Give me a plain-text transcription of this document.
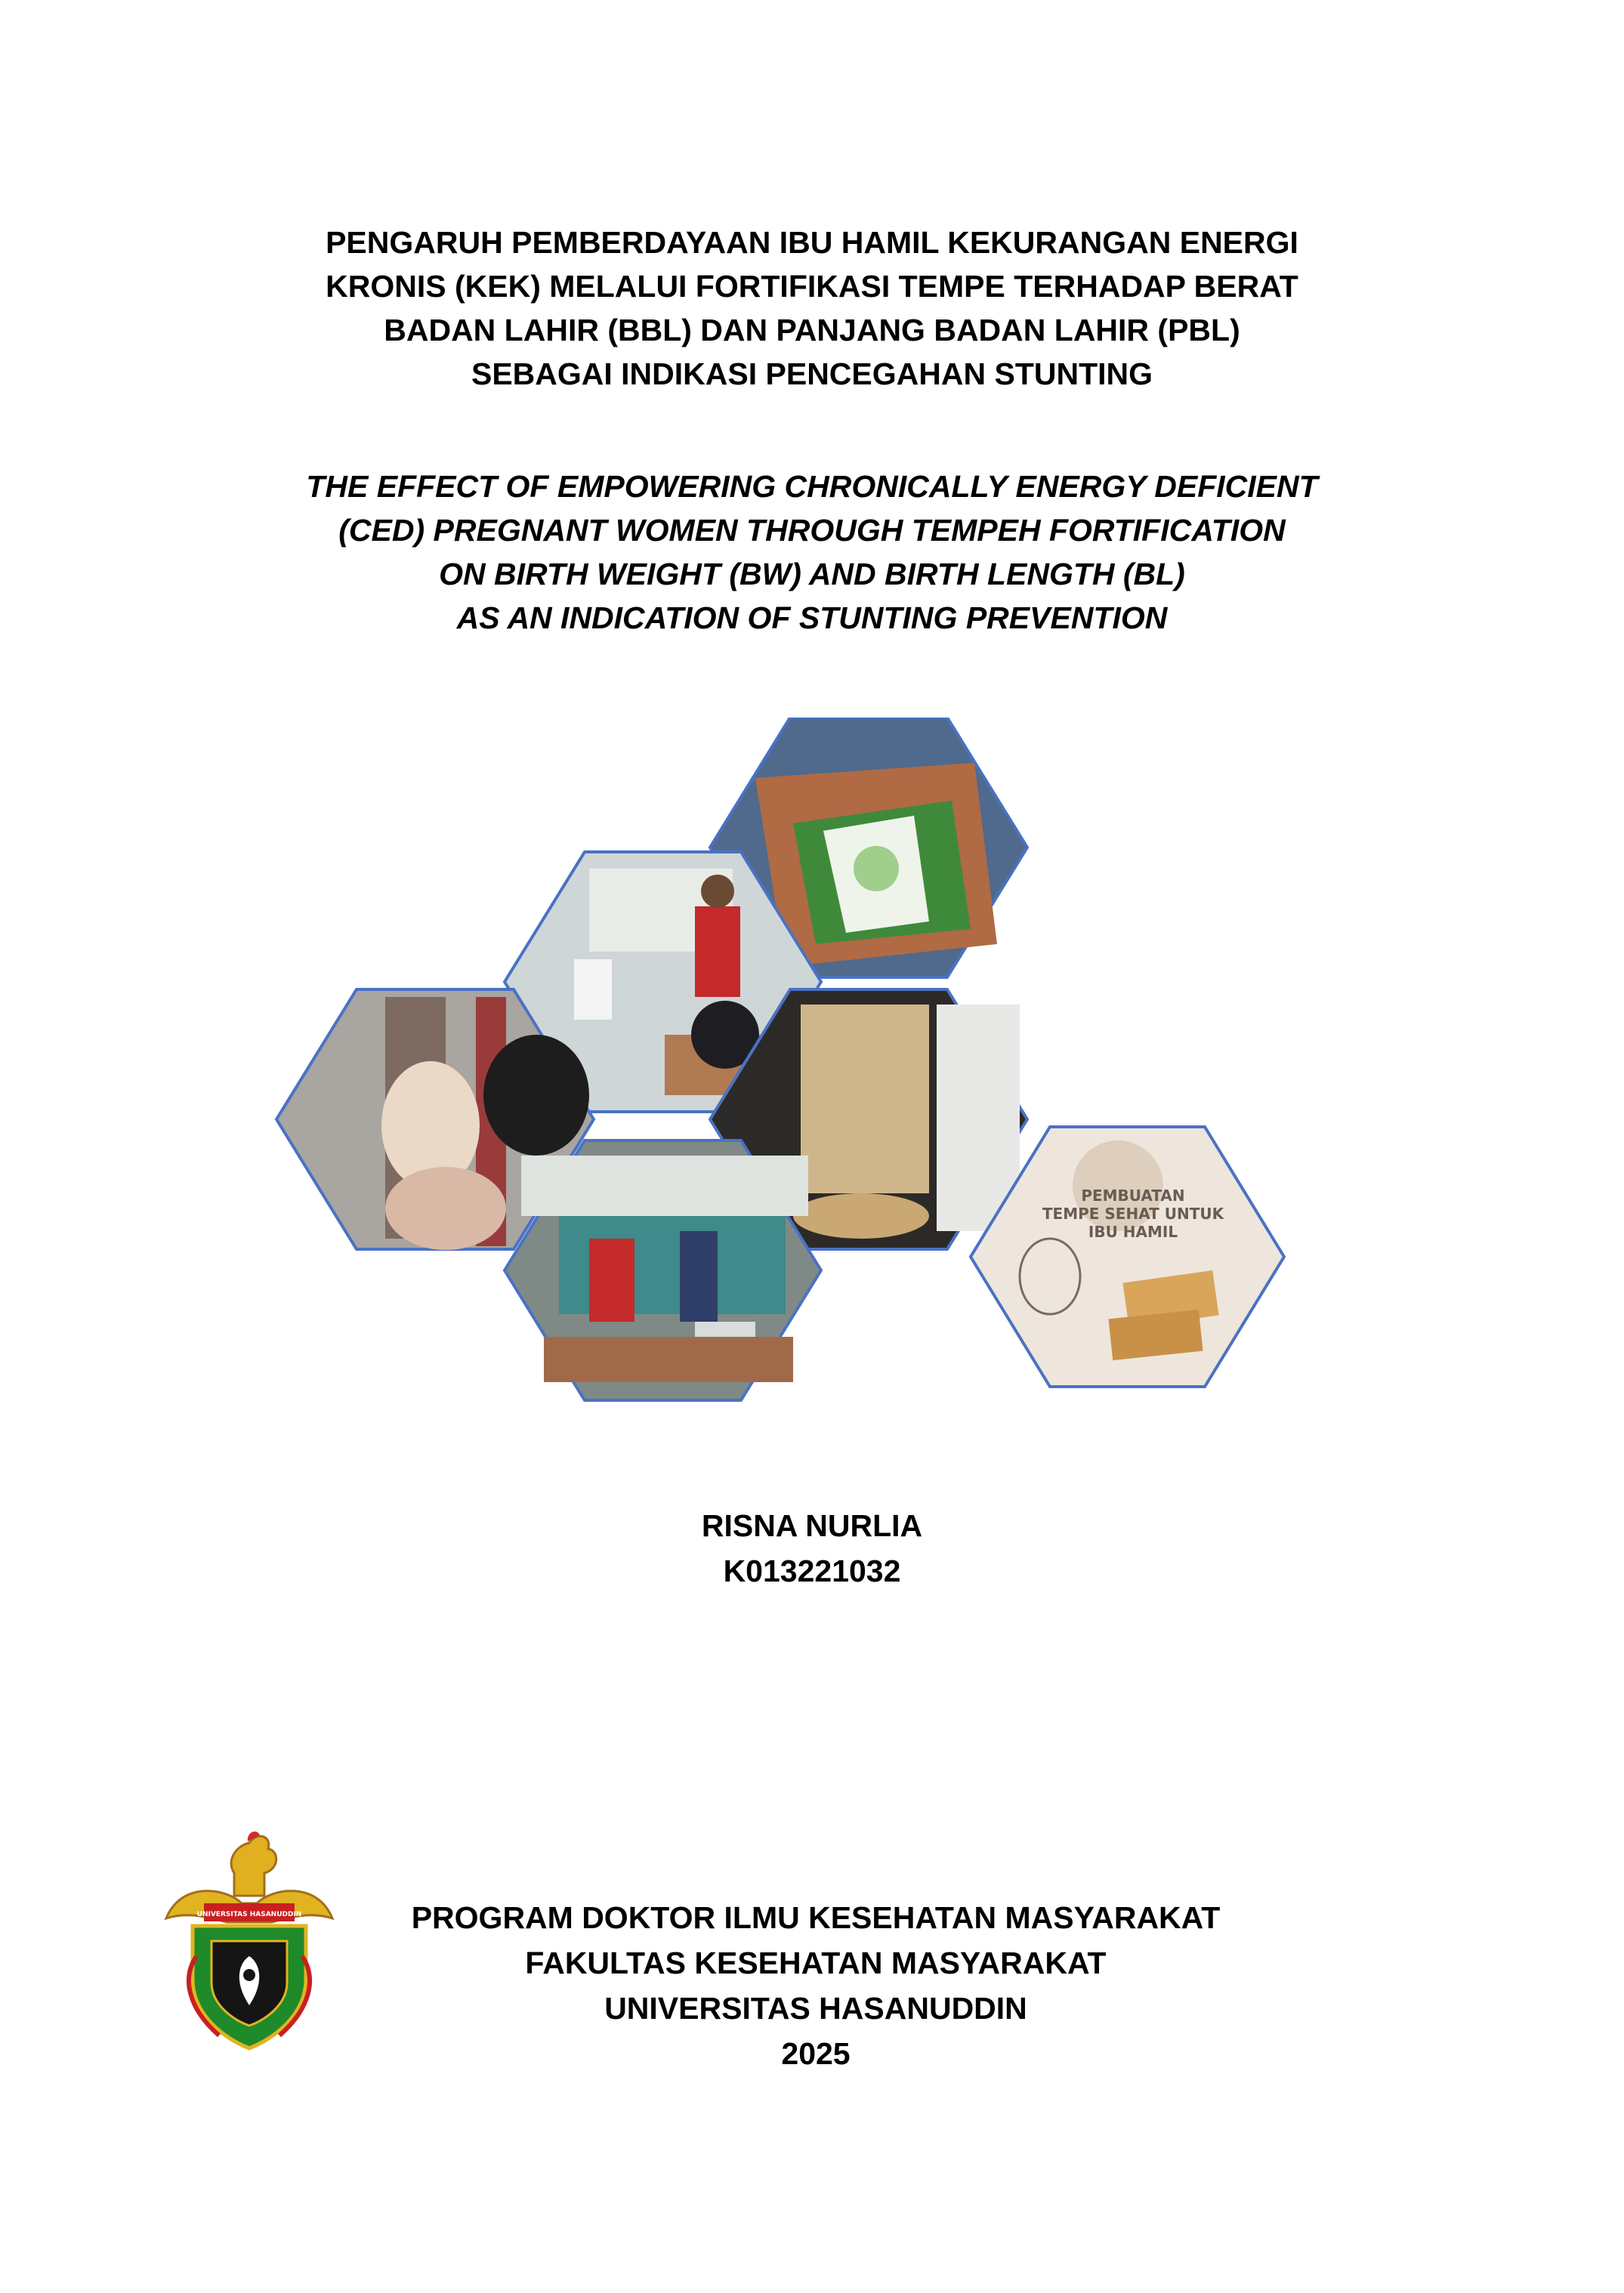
PENGARUH PEMBERDAYAAN IBU HAMIL KEKURANGAN ENERGI
KRONIS (KEK) MELALUI FORTIFIKASI TEMPE TERHADAP BERAT
BADAN LAHIR (BBL) DAN PANJANG BADAN LAHIR (PBL)
SEBAGAI INDIKASI PENCEGAHAN STUNTING
THE EFFECT OF EMPOWERING CHRONICALLY ENERGY DEFICIENT
(CED) PREGNANT WOMEN THROUGH TEMPEH FORTIFICATION
ON BIRTH WEIGHT (BW) AND BIRTH LENGTH (BL)
AS AN INDICATION OF STUNTING PREVENTION
PEMBUATAN
TEMPE SEHAT UNTUK
IBU HAMIL
RISNA NURLIA
K013221032
UNIVERSITAS HASANUDDIN	PROGRAM DOKTOR ILMU KESEHATAN MASYARAKAT
FAKULTAS KESEHATAN MASYARAKAT
UNIVERSITAS HASANUDDIN
2025
